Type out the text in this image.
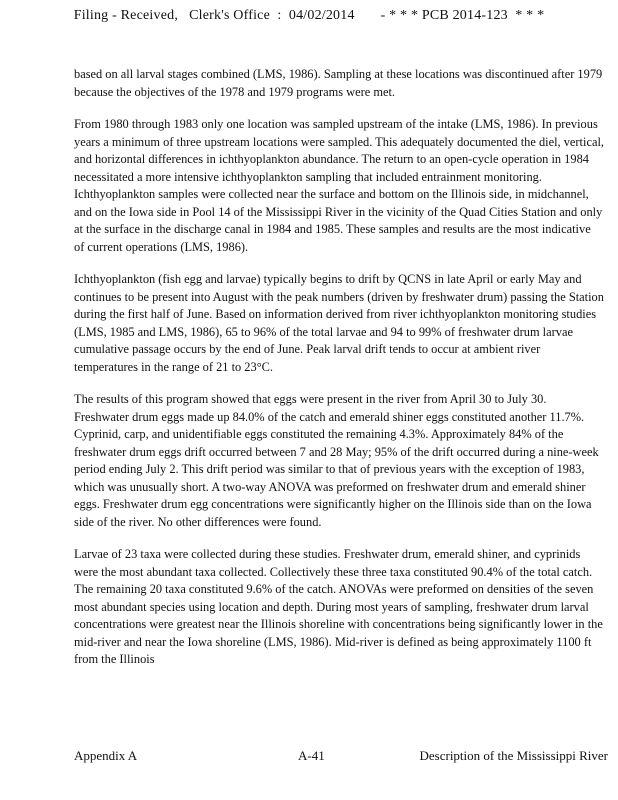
Filing - Received,   Clerk's Office  :  04/02/2014 - * * * PCB 2014-123  * * *

based on all larval stages combined (LMS, 1986). Sampling at these locations was discontinued after 1979 because the objectives of the 1978 and 1979 programs were met.

From 1980 through 1983 only one location was sampled upstream of the intake (LMS, 1986). In previous years a minimum of three upstream locations were sampled. This adequately documented the diel, vertical, and horizontal differences in ichthyoplankton abundance. The return to an open-cycle operation in 1984 necessitated a more intensive ichthyoplankton sampling that included entrainment monitoring. Ichthyoplankton samples were collected near the surface and bottom on the Illinois side, in midchannel, and on the Iowa side in Pool 14 of the Mississippi River in the vicinity of the Quad Cities Station and only at the surface in the discharge canal in 1984 and 1985. These samples and results are the most indicative of current operations (LMS, 1986).

Ichthyoplankton (fish egg and larvae) typically begins to drift by QCNS in late April or early May and continues to be present into August with the peak numbers (driven by freshwater drum) passing the Station during the first half of June. Based on information derived from river ichthyoplankton monitoring studies (LMS, 1985 and LMS, 1986), 65 to 96% of the total larvae and 94 to 99% of freshwater drum larvae cumulative passage occurs by the end of June. Peak larval drift tends to occur at ambient river temperatures in the range of 21 to 23°C.

The results of this program showed that eggs were present in the river from April 30 to July 30. Freshwater drum eggs made up 84.0% of the catch and emerald shiner eggs constituted another 11.7%. Cyprinid, carp, and unidentifiable eggs constituted the remaining 4.3%. Approximately 84% of the freshwater drum eggs drift occurred between 7 and 28 May; 95% of the drift occurred during a nine-week period ending July 2. This drift period was similar to that of previous years with the exception of 1983, which was unusually short. A two-way ANOVA was preformed on freshwater drum and emerald shiner eggs. Freshwater drum egg concentrations were significantly higher on the Illinois side than on the Iowa side of the river. No other differences were found.

Larvae of 23 taxa were collected during these studies. Freshwater drum, emerald shiner, and cyprinids were the most abundant taxa collected. Collectively these three taxa constituted 90.4% of the total catch. The remaining 20 taxa constituted 9.6% of the catch. ANOVAs were preformed on densities of the seven most abundant species using location and depth. During most years of sampling, freshwater drum larval concentrations were greatest near the Illinois shoreline with concentrations being significantly lower in the mid-river and near the Iowa shoreline (LMS, 1986). Mid-river is defined as being approximately 1100 ft from the Illinois

Appendix A	A-41	Description of the Mississippi River
